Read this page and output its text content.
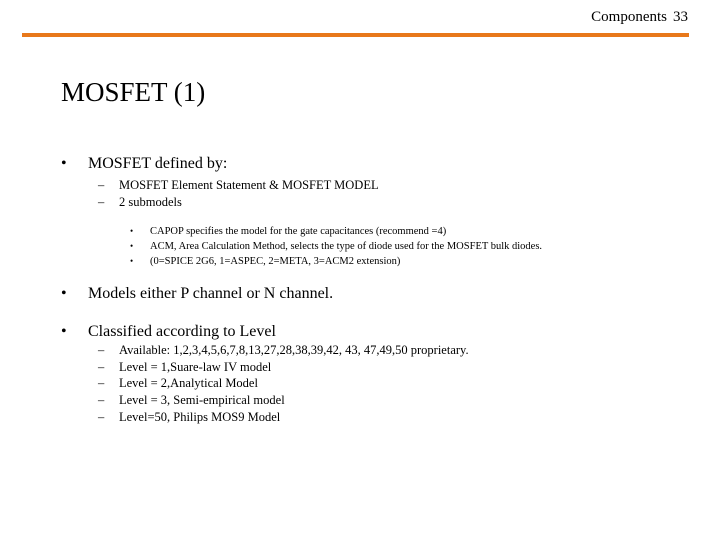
Components 33
MOSFET (1)
• MOSFET defined by:
– MOSFET Element Statement & MOSFET MODEL
– 2 submodels
• CAPOP specifies the model for the gate capacitances (recommend =4)
• ACM, Area Calculation Method, selects the type of diode used for the MOSFET bulk diodes.
• (0=SPICE 2G6, 1=ASPEC, 2=META, 3=ACM2 extension)
• Models either P channel or N channel.
• Classified according to Level
– Available: 1,2,3,4,5,6,7,8,13,27,28,38,39,42, 43, 47,49,50 proprietary.
– Level = 1,Suare-law IV model
– Level = 2,Analytical Model
– Level = 3, Semi-empirical model
– Level=50, Philips MOS9 Model
